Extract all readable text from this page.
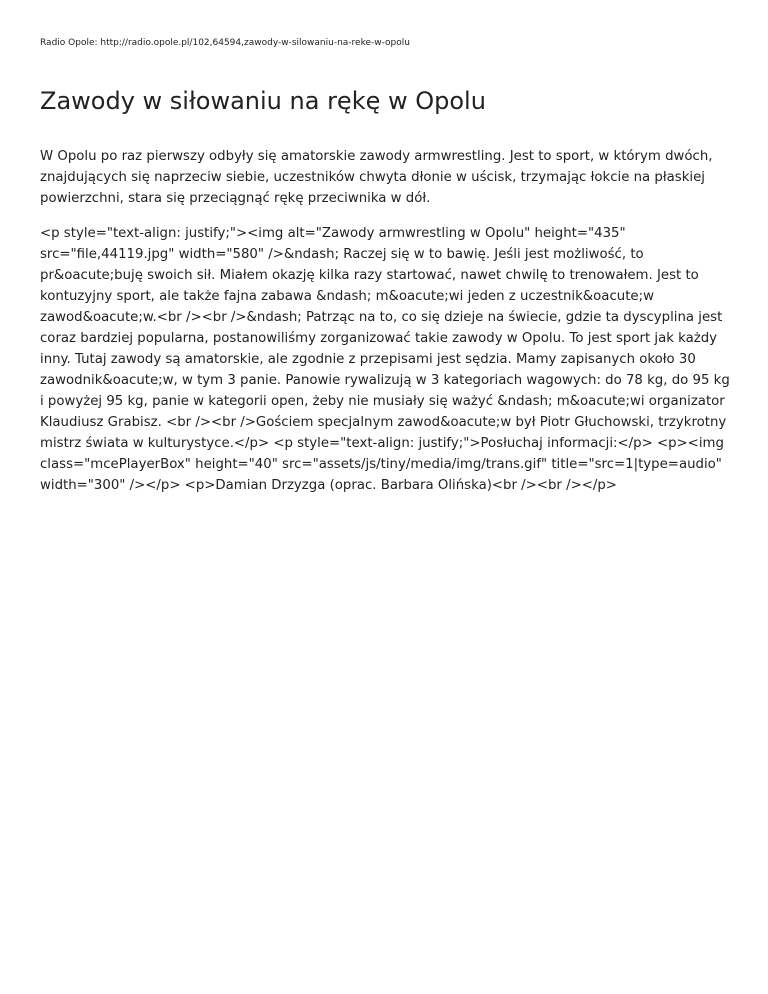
Radio Opole: http://radio.opole.pl/102,64594,zawody-w-silowaniu-na-reke-w-opolu
Zawody w siłowaniu na rękę w Opolu

W Opolu po raz pierwszy odbyły się amatorskie zawody armwrestling. Jest to sport, w którym dwóch, znajdujących się naprzeciw siebie, uczestników chwyta dłonie w uścisk, trzymając łokcie na płaskiej powierzchni, stara się przeciągnąć rękę przeciwnika w dół.

<p style="text-align: justify;"><img alt="Zawody armwrestling w Opolu" height="435" src="file,44119.jpg" width="580" />&ndash; Raczej się w to bawię. Jeśli jest możliwość, to pr&oacute;buję swoich sił. Miałem okazję kilka razy startować, nawet chwilę to trenowałem. Jest to kontuzyjny sport, ale także fajna zabawa &ndash; m&oacute;wi jeden z uczestnik&oacute;w zawod&oacute;w.<br /><br />&ndash; Patrząc na to, co się dzieje na świecie, gdzie ta dyscyplina jest coraz bardziej popularna, postanowiliśmy zorganizować takie zawody w Opolu. To jest sport jak każdy inny. Tutaj zawody są amatorskie, ale zgodnie z przepisami jest sędzia. Mamy zapisanych około 30 zawodnik&oacute;w, w tym 3 panie. Panowie rywalizują w 3 kategoriach wagowych: do 78 kg, do 95 kg i powyżej 95 kg, panie w kategorii open, żeby nie musiały się ważyć &ndash; m&oacute;wi organizator Klaudiusz Grabisz. <br /><br />Gościem specjalnym zawod&oacute;w był Piotr Głuchowski, trzykrotny mistrz świata w kulturystyce.</p> <p style="text-align: justify;">Posłuchaj informacji:</p> <p><img class="mcePlayerBox" height="40" src="assets/js/tiny/media/img/trans.gif" title="src=1|type=audio" width="300" /></p> <p>Damian Drzyzga (oprac. Barbara Olińska)<br /><br /></p>
